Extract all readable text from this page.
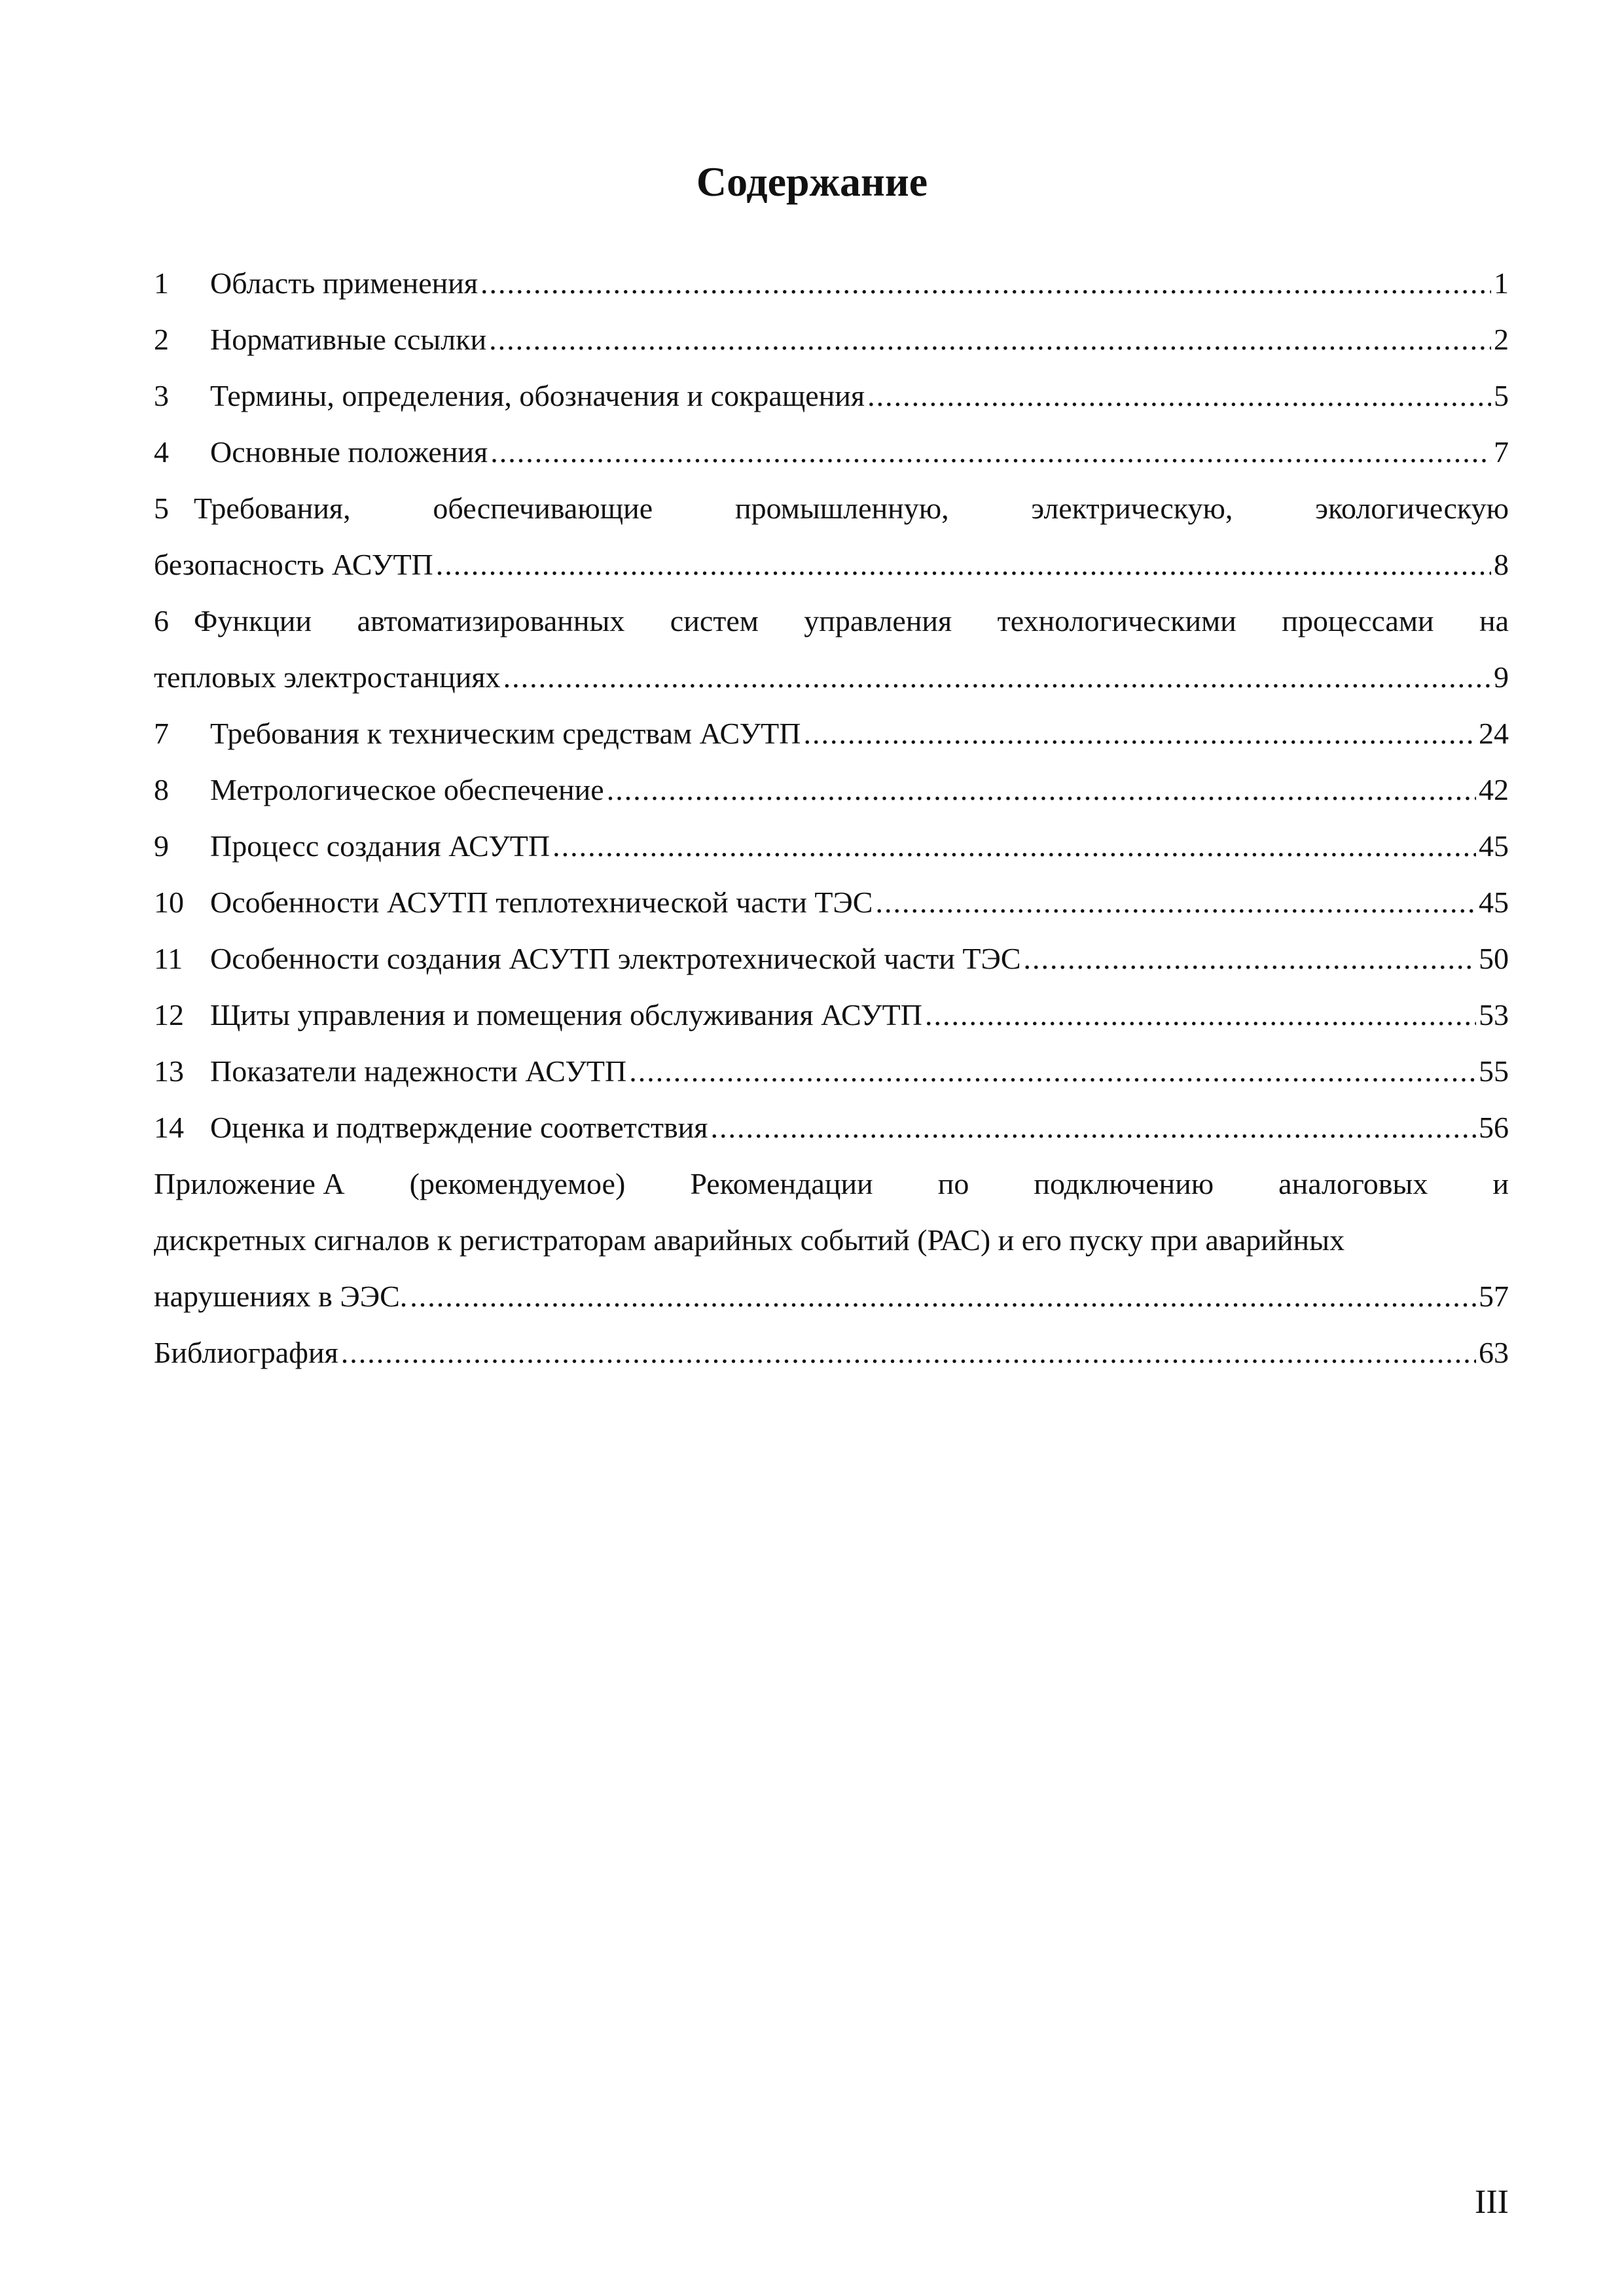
Содержание
1	Область применения .....	1
2	Нормативные ссылки .....	2
3	Термины, определения, обозначения и сокращения .....	5
4	Основные положения .....	7
5 Требования,	обеспечивающие	промышленную,	электрическую,	экологическую
безопасность АСУТП .....	8
6 Функции автоматизированных систем управления технологическими процессами на
тепловых электростанциях .....	9
7	Требования к техническим средствам АСУТП .....	24
8	Метрологическое обеспечение .....	42
9	Процесс создания АСУТП .....	45
10 Особенности АСУТП теплотехнической части ТЭС .....	45
11 Особенности создания АСУТП электротехнической части ТЭС .....	50
12 Щиты управления и помещения обслуживания АСУТП .....	53
13 Показатели надежности АСУТП .....	55
14 Оценка и подтверждение соответствия .....	56
Приложение А (рекомендуемое) Рекомендации по подключению аналоговых и
дискретных сигналов к регистраторам аварийных событий (РАС) и его пуску при аварийных
нарушениях в ЭЭС. .....	57
Библиография .....	63
III
